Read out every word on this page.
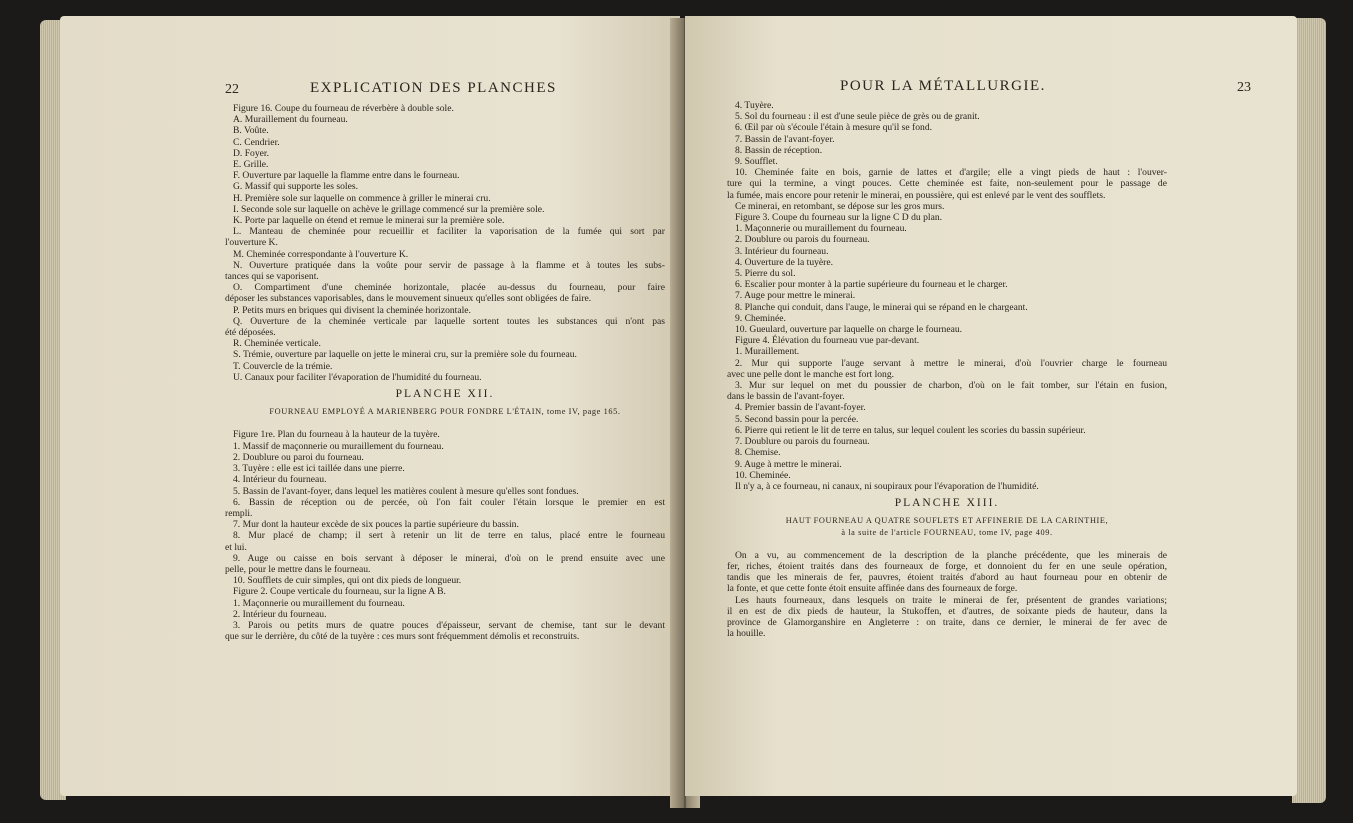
22	EXPLICATION DES PLANCHES

Figure 16. Coupe du fourneau de réverbère à double sole.

A. Muraillement du fourneau.

B. Voûte.

C. Cendrier.

D. Foyer.

E. Grille.

F. Ouverture par laquelle la flamme entre dans le fourneau.

G. Massif qui supporte les soles.

H. Première sole sur laquelle on commence à griller le minerai cru.

I. Seconde sole sur laquelle on achève le grillage commencé sur la première sole.

K. Porte par laquelle on étend et remue le minerai sur la première sole.

L. Manteau de cheminée pour recueillir et faciliter la vaporisation de la fumée qui sort par

l'ouverture K.

M. Cheminée correspondante à l'ouverture K.

N. Ouverture pratiquée dans la voûte pour servir de passage à la flamme et à toutes les subs-

tances qui se vaporisent.

O. Compartiment d'une cheminée horizontale, placée au-dessus du fourneau, pour faire

déposer les substances vaporisables, dans le mouvement sinueux qu'elles sont obligées de faire.

P. Petits murs en briques qui divisent la cheminée horizontale.

Q. Ouverture de la cheminée verticale par laquelle sortent toutes les substances qui n'ont pas

été déposées.

R. Cheminée verticale.

S. Trémie, ouverture par laquelle on jette le minerai cru, sur la première sole du fourneau.

T. Couvercle de la trémie.

U. Canaux pour faciliter l'évaporation de l'humidité du fourneau.

PLANCHE XII.

FOURNEAU EMPLOYÉ A MARIENBERG POUR FONDRE L'ÉTAIN, tome IV, page 165.

Figure 1re. Plan du fourneau à la hauteur de la tuyère.

1. Massif de maçonnerie ou muraillement du fourneau.

2. Doublure ou paroi du fourneau.

3. Tuyère : elle est ici taillée dans une pierre.

4. Intérieur du fourneau.

5. Bassin de l'avant-foyer, dans lequel les matières coulent à mesure qu'elles sont fondues.

6. Bassin de réception ou de percée, où l'on fait couler l'étain lorsque le premier en est

rempli.

7. Mur dont la hauteur excède de six pouces la partie supérieure du bassin.

8. Mur placé de champ; il sert à retenir un lit de terre en talus, placé entre le fourneau

et lui.

9. Auge ou caisse en bois servant à déposer le minerai, d'où on le prend ensuite avec une

pelle, pour le mettre dans le fourneau.

10. Soufflets de cuir simples, qui ont dix pieds de longueur.

Figure 2. Coupe verticale du fourneau, sur la ligne A B.

1. Maçonnerie ou muraillement du fourneau.

2. Intérieur du fourneau.

3. Parois ou petits murs de quatre pouces d'épaisseur, servant de chemise, tant sur le devant

que sur le derrière, du côté de la tuyère : ces murs sont fréquemment démolis et reconstruits.

POUR LA MÉTALLURGIE.	23

4. Tuyère.

5. Sol du fourneau : il est d'une seule pièce de grès ou de granit.

6. Œil par où s'écoule l'étain à mesure qu'il se fond.

7. Bassin de l'avant-foyer.

8. Bassin de réception.

9. Soufflet.

10. Cheminée faite en bois, garnie de lattes et d'argile; elle a vingt pieds de haut : l'ouver-

ture qui la termine, a vingt pouces. Cette cheminée est faite, non-seulement pour le passage de

la fumée, mais encore pour retenir le minerai, en poussière, qui est enlevé par le vent des soufflets.

Ce minerai, en retombant, se dépose sur les gros murs.

Figure 3. Coupe du fourneau sur la ligne C D du plan.

1. Maçonnerie ou muraillement du fourneau.

2. Doublure ou parois du fourneau.

3. Intérieur du fourneau.

4. Ouverture de la tuyère.

5. Pierre du sol.

6. Escalier pour monter à la partie supérieure du fourneau et le charger.

7. Auge pour mettre le minerai.

8. Planche qui conduit, dans l'auge, le minerai qui se répand en le chargeant.

9. Cheminée.

10. Gueulard, ouverture par laquelle on charge le fourneau.

Figure 4. Élévation du fourneau vue par-devant.

1. Muraillement.

2. Mur qui supporte l'auge servant à mettre le minerai, d'où l'ouvrier charge le fourneau

avec une pelle dont le manche est fort long.

3. Mur sur lequel on met du poussier de charbon, d'où on le fait tomber, sur l'étain en fusion,

dans le bassin de l'avant-foyer.

4. Premier bassin de l'avant-foyer.

5. Second bassin pour la percée.

6. Pierre qui retient le lit de terre en talus, sur lequel coulent les scories du bassin supérieur.

7. Doublure ou parois du fourneau.

8. Chemise.

9. Auge à mettre le minerai.

10. Cheminée.

Il n'y a, à ce fourneau, ni canaux, ni soupiraux pour l'évaporation de l'humidité.

PLANCHE XIII.

HAUT FOURNEAU A QUATRE SOUFLETS ET AFFINERIE DE LA CARINTHIE,

à la suite de l'article FOURNEAU, tome IV, page 409.

On a vu, au commencement de la description de la planche précédente, que les minerais de

fer, riches, étoient traités dans des fourneaux de forge, et donnoient du fer en une seule opération,

tandis que les minerais de fer, pauvres, étoient traités d'abord au haut fourneau pour en obtenir de

la fonte, et que cette fonte étoit ensuite affinée dans des fourneaux de forge.

Les hauts fourneaux, dans lesquels on traite le minerai de fer, présentent de grandes variations;

il en est de dix pieds de hauteur, la Stukoffen, et d'autres, de soixante pieds de hauteur, dans la

province de Glamorganshire en Angleterre : on traite, dans ce dernier, le minerai de fer avec de

la houille.
